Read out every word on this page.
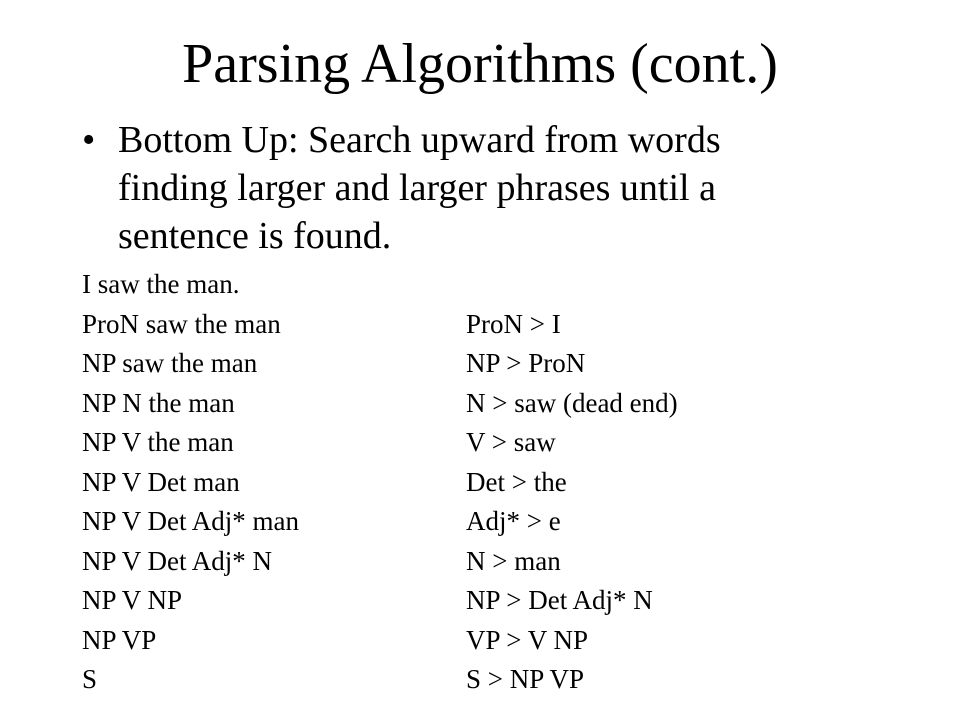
Parsing Algorithms (cont.)
• Bottom Up: Search upward from words finding larger and larger phrases until a sentence is found.
I saw the man.
ProN saw the man	ProN > I
NP saw the man	NP > ProN
NP N the man	N > saw (dead end)
NP V the man	V > saw
NP V Det man	Det > the
NP V Det Adj* man	Adj* > e
NP V Det Adj* N	N > man
NP V NP	NP > Det Adj* N
NP VP	VP > V NP
S	S > NP VP
